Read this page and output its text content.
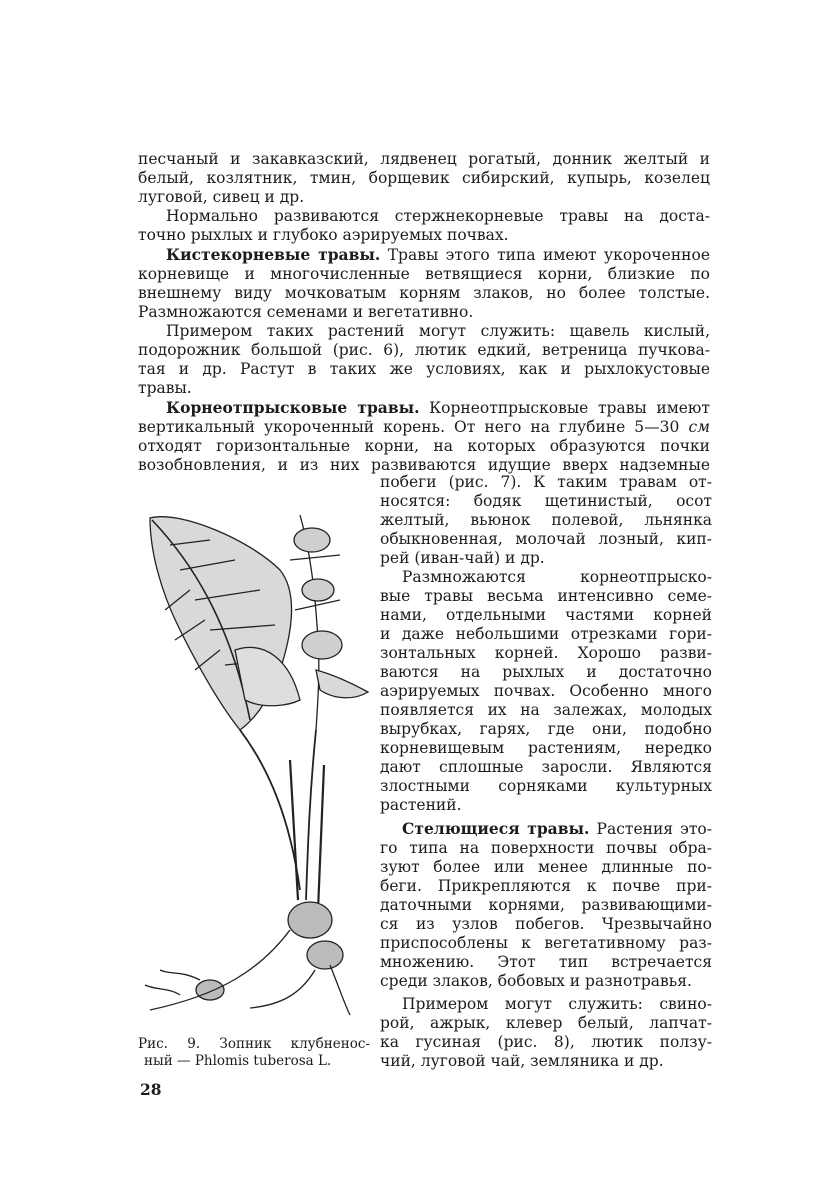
песчаный и закавказский, лядвенец рогатый, донник желтый и
белый, козлятник, тмин, борщевик сибирский, купырь, козелец
луговой, сивец и др.
Нормально развиваются стержнекорневые травы на доста-
точно рыхлых и глубоко аэрируемых почвах.
Кистекорневые травы. Травы этого типа имеют укороченное
корневище и многочисленные ветвящиеся корни, близкие по
внешнему виду мочковатым корням злаков, но более толстые.
Размножаются семенами и вегетативно.
Примером таких растений могут служить: щавель кислый,
подорожник большой (рис. 6), лютик едкий, ветреница пучкова-
тая и др. Растут в таких же условиях, как и рыхлокустовые
травы.
Корнеотпрысковые травы. Корнеотпрысковые травы имеют
вертикальный укороченный корень. От него на глубине 5—30 см
отходят горизонтальные корни, на которых образуются почки
возобновления, и из них развиваются идущие вверх надземные
побеги (рис. 7). К таким травам от-
носятся: бодяк щетинистый, осот
желтый, вьюнок полевой, льнянка
обыкновенная, молочай лозный, кип-
рей (иван-чай) и др.
Размножаются корнеотпрыско-
вые травы весьма интенсивно семе-
нами, отдельными частями корней
и даже небольшими отрезками гори-
зонтальных корней. Хорошо разви-
ваются на рыхлых и достаточно
аэрируемых почвах. Особенно много
появляется их на залежах, молодых
вырубках, гарях, где они, подобно
корневищевым растениям, нередко
дают сплошные заросли. Являются
злостными сорняками культурных
растений.
Стелющиеся травы. Растения это-
го типа на поверхности почвы обра-
зуют более или менее длинные по-
беги. Прикрепляются к почве при-
даточными корнями, развивающими-
ся из узлов побегов. Чрезвычайно
приспособлены к вегетативному раз-
множению. Этот тип встречается
среди злаков, бобовых и разнотравья.
Примером могут служить: свино-
рой, ажрык, клевер белый, лапчат-
ка гусиная (рис. 8), лютик ползу-
чий, луговой чай, земляника и др.
Рис. 9. Зопник клубненос-
ный — Phlomis tuberosa L.
28
